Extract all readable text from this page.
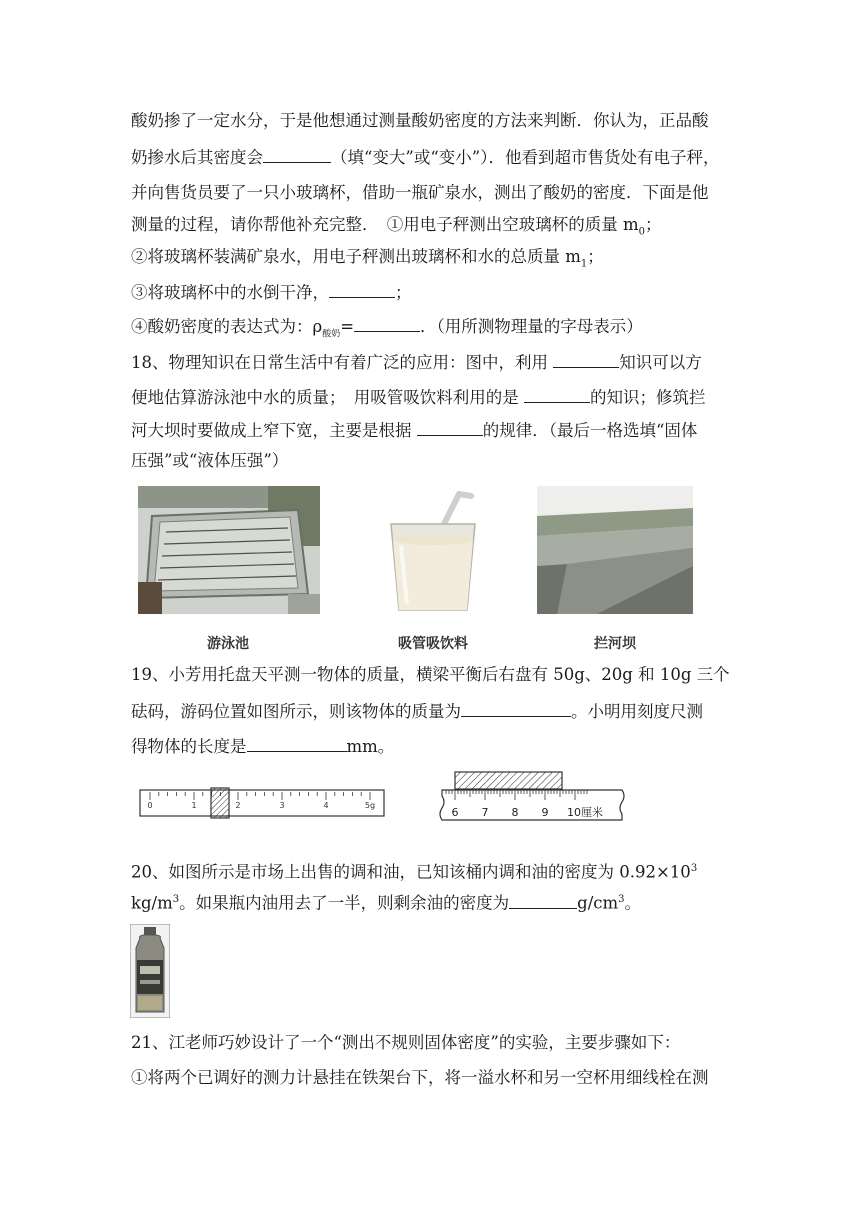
酸奶掺了一定水分，于是他想通过测量酸奶密度的方法来判断．你认为，正品酸
奶掺水后其密度会	（填“变大”或“变小”）．他看到超市售货处有电子秤，
并向售货员要了一只小玻璃杯，借助一瓶矿泉水，测出了酸奶的密度．下面是他
测量的过程，请你帮他补充完整．　①用电子秤测出空玻璃杯的质量 $m_0$；
②将玻璃杯装满矿泉水，用电子秤测出玻璃杯和水的总质量 $m_1$；
③将玻璃杯中的水倒干净，	；
④酸奶密度的表达式为：$\rho_{酸奶}=$	．（用所测物理量的字母表示）
18、物理知识在日常生活中有着广泛的应用：图中，利用	知识可以方
便地估算游泳池中水的质量；　用吸管吸饮料利用的是	的知识；修筑拦
河大坝时要做成上窄下宽，主要是根据	的规律．（最后一格选填“固体
压强”或“液体压强”）
游泳池	吸管吸饮料	拦河坝
19、小芳用托盘天平测一物体的质量，横梁平衡后右盘有 50g、20g 和 10g 三个
砝码，游码位置如图所示，则该物体的质量为	。小明用刻度尺测
得物体的长度是	mm。
0	1	2	3	4	5g
6 7 8 9 10厘米
20、如图所示是市场上出售的调和油，已知该桶内调和油的密度为 $0.92\times 10^3$
$kg/m^3$。如果瓶内油用去了一半，则剩余油的密度为	$g/cm^3$。
21、江老师巧妙设计了一个“测出不规则固体密度”的实验，主要步骤如下：
①将两个已调好的测力计悬挂在铁架台下，将一溢水杯和另一空杯用细线栓在测
